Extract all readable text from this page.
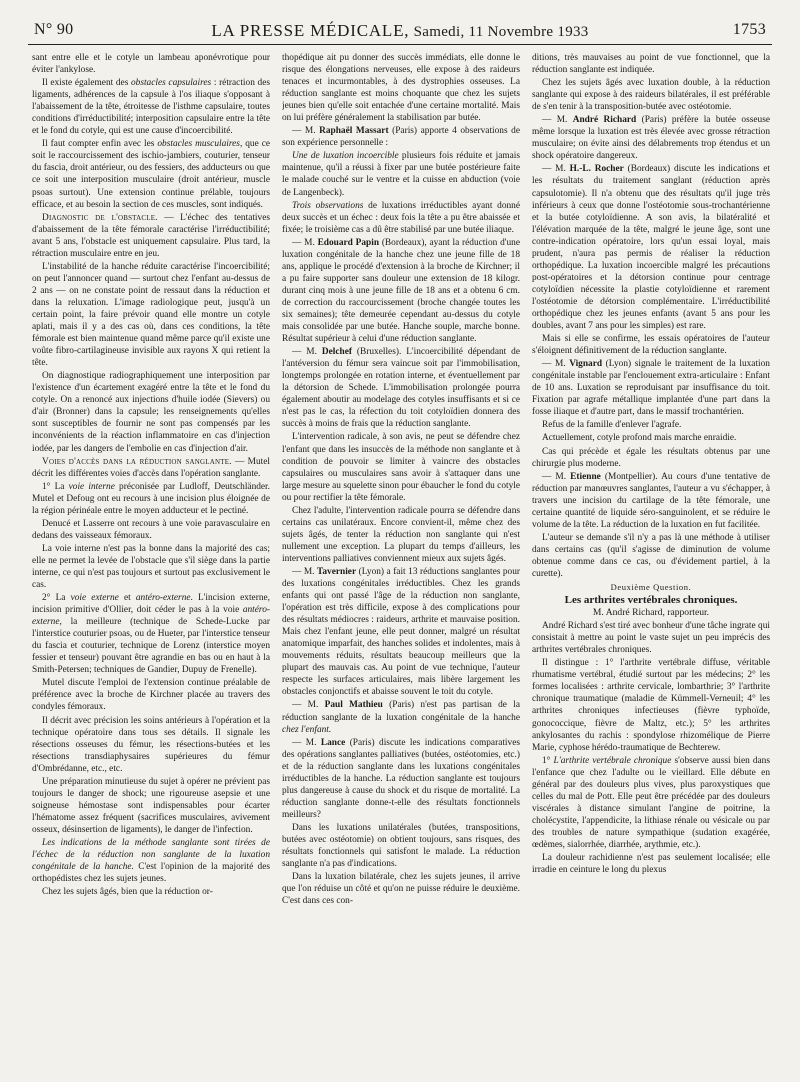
N° 90	LA PRESSE MÉDICALE, Samedi, 11 Novembre 1933	1753

sant entre elle et le cotyle un lambeau aponévrotique pour éviter l'ankylose.

Il existe également des obstacles capsulaires : rétraction des ligaments, adhérences de la capsule à l'os iliaque s'opposant à l'abaissement de la tête, étroitesse de l'isthme capsulaire, toutes conditions d'irréductibilité; interposition capsulaire entre la tête et le fond du cotyle, qui est une cause d'incoercibilité.

Il faut compter enfin avec les obstacles musculaires, que ce soit le raccourcissement des ischio-jambiers, couturier, tenseur du fascia, droit antérieur, ou des fessiers, des adducteurs ou que ce soit une interposition musculaire (droit antérieur, muscle psoas surtout). Une extension continue prélable, toujours efficace, et au besoin la section de ces muscles, sont indiqués.

Diagnostic de l'obstacle. — L'échec des tentatives d'abaissement de la tête fémorale caractérise l'irréductibilité; avant 5 ans, l'obstacle est uniquement capsulaire. Plus tard, la rétraction musculaire entre en jeu.

L'instabilité de la hanche réduite caractérise l'incoercibilité; on peut l'annoncer quand — surtout chez l'enfant au-dessus de 2 ans — on ne constate point de ressaut dans la réduction et dans la reluxation. L'image radiologique peut, jusqu'à un certain point, la faire prévoir quand elle montre un cotyle aplati, mais il y a des cas où, dans ces conditions, la tête fémorale est bien maintenue quand même parce qu'il existe une voûte fibro-cartilagineuse invisible aux rayons X qui retient la tête.

On diagnostique radiographiquement une interposition par l'existence d'un écartement exagéré entre la tête et le fond du cotyle. On a renoncé aux injections d'huile iodée (Sievers) ou d'air (Bronner) dans la capsule; les renseignements qu'elles sont susceptibles de fournir ne sont pas compensés par les inconvénients de la réaction inflammatoire en cas d'injection iodée, par les dangers de l'embolie en cas d'injection d'air.

Voies d'accès dans la réduction sanglante. — Mutel décrit les différentes voies d'accès dans l'opération sanglante.

1° La voie interne préconisée par Ludloff, Deutschländer. Mutel et Defoug ont eu recours à une incision plus éloignée de la région périnéale entre le moyen adducteur et le pectiné.

Denucé et Lasserre ont recours à une voie paravasculaire en dedans des vaisseaux fémoraux.

La voie interne n'est pas la bonne dans la majorité des cas; elle ne permet la levée de l'obstacle que s'il siège dans la partie interne, ce qui n'est pas toujours et surtout pas exclusivement le cas.

2° La voie externe et antéro-externe. L'incision externe, incision primitive d'Ollier, doit céder le pas à la voie antéro-externe, la meilleure (technique de Schede-Lucke par l'interstice couturier psoas, ou de Hueter, par l'interstice tenseur du fascia et couturier, technique de Lorenz (interstice moyen fessier et tenseur) pouvant être agrandie en bas ou en haut à la Smith-Petersen; techniques de Gandier, Dupuy de Frenelle).

Mutel discute l'emploi de l'extension continue préalable de préférence avec la broche de Kirchner placée au travers des condyles fémoraux.

Il décrit avec précision les soins antérieurs à l'opération et la technique opératoire dans tous ses détails. Il signale les résections osseuses du fémur, les résections-butées et les résections transdiaphysaires supérieures du fémur d'Ombrédanne, etc., etc.

Une préparation minutieuse du sujet à opérer ne prévient pas toujours le danger de shock; une rigoureuse asepsie et une soigneuse hémostase sont indispensables pour écarter l'hématome assez fréquent (sacrifices musculaires, avivement osseux, désinsertion de ligaments), le danger de l'infection.

Les indications de la méthode sanglante sont tirées de l'échec de la réduction non sanglante de la luxation congénitale de la hanche. C'est l'opinion de la majorité des orthopédistes chez les sujets jeunes.

Chez les sujets âgés, bien que la réduction or-

thopédique ait pu donner des succès immédiats, elle donne le risque des élongations nerveuses, elle expose à des raideurs tenaces et incurmontables, à des dystrophies osseuses. La réduction sanglante est moins choquante que chez les sujets jeunes bien qu'elle soit entachée d'une certaine mortalité. Mais on lui préfère généralement la stabilisation par butée.

— M. Raphaël Massart (Paris) apporte 4 observations de son expérience personnelle :

Une de luxation incoercible plusieurs fois réduite et jamais maintenue, qu'il a réussi à fixer par une butée postérieure faite le malade couché sur le ventre et la cuisse en abduction (voie de Langenbeck).

Trois observations de luxations irréductibles ayant donné deux succès et un échec : deux fois la tête a pu être abaissée et fixée; le troisième cas a dû être stabilisé par une butée iliaque.

— M. Edouard Papin (Bordeaux), ayant la réduction d'une luxation congénitale de la hanche chez une jeune fille de 18 ans, applique le procédé d'extension à la broche de Kirchner; il a pu faire supporter sans douleur une extension de 18 kilogr. durant cinq mois à une jeune fille de 18 ans et a obtenu 6 cm. de correction du raccourcissement (broche changée toutes les six semaines); tête demeurée cependant au-dessus du cotyle mais consolidée par une butée. Hanche souple, marche bonne. Résultat supérieur à celui d'une réduction sanglante.

— M. Delchef (Bruxelles). L'incoercibilité dépendant de l'antéversion du fémur sera vaincue soit par l'immobilisation, longtemps prolongée en rotation interne, et éventuellement par la détorsion de Schede. L'immobilisation prolongée pourra également aboutir au modelage des cotyles insuffisants et si ce n'est pas le cas, la réfection du toit cotyloïdien donnera des succès à moins de frais que la réduction sanglante.

L'intervention radicale, à son avis, ne peut se défendre chez l'enfant que dans les insuccès de la méthode non sanglante et à condition de pouvoir se limiter à vaincre des obstacles capsulaires ou musculaires sans avoir à s'attaquer dans une large mesure au squelette sinon pour ébaucher le fond du cotyle ou pour rectifier la tête fémorale.

Chez l'adulte, l'intervention radicale pourra se défendre dans certains cas unilatéraux. Encore convient-il, même chez des sujets âgés, de tenter la réduction non sanglante qui n'est nullement une exception. La plupart du temps d'ailleurs, les interventions palliatives conviennent mieux aux sujets âgés.

— M. Tavernier (Lyon) a fait 13 réductions sanglantes pour des luxations congénitales irréductibles. Chez les grands enfants qui ont passé l'âge de la réduction non sanglante, l'opération est très difficile, expose à des complications pour des résultats médiocres : raideurs, arthrite et mauvaise position. Mais chez l'enfant jeune, elle peut donner, malgré un résultat anatomique imparfait, des hanches solides et indolentes, mais à mouvements réduits, résultats beaucoup meilleurs que la plupart des mauvais cas. Au point de vue technique, l'auteur respecte les surfaces articulaires, mais libère largement les obstacles conjonctifs et abaisse souvent le toit du cotyle.

— M. Paul Mathieu (Paris) n'est pas partisan de la réduction sanglante de la luxation congénitale de la hanche chez l'enfant.

— M. Lance (Paris) discute les indications comparatives des opérations sanglantes palliatives (butées, ostéotomies, etc.) et de la réduction sanglante dans les luxations congénitales irréductibles de la hanche. La réduction sanglante est toujours plus dangereuse à cause du shock et du risque de mortalité. La réduction sanglante donne-t-elle des résultats fonctionnels meilleurs?

Dans les luxations unilatérales (butées, transpositions, butées avec ostéotomie) on obtient toujours, sans risques, des résultats fonctionnels qui satisfont le malade. La réduction sanglante n'a pas d'indications.

Dans la luxation bilatérale, chez les sujets jeunes, il arrive que l'on réduise un côté et qu'on ne puisse réduire le deuxième. C'est dans ces con-

ditions, très mauvaises au point de vue fonctionnel, que la réduction sanglante est indiquée.

Chez les sujets âgés avec luxation double, à la réduction sanglante qui expose à des raideurs bilatérales, il est préférable de s'en tenir à la transposition-butée avec ostéotomie.

— M. André Richard (Paris) préfère la butée osseuse même lorsque la luxation est très élevée avec grosse rétraction musculaire; on évite ainsi des délabrements trop étendus et un shock opératoire dangereux.

— M. H.-L. Rocher (Bordeaux) discute les indications et les résultats du traitement sanglant (réduction après capsulotomie). Il n'a obtenu que des résultats qu'il juge très inférieurs à ceux que donne l'ostéotomie sous-trochantérienne et la butée cotyloïdienne. A son avis, la bilatéralité et l'élévation marquée de la tête, malgré le jeune âge, sont une contre-indication opératoire, lors qu'un essai loyal, mais prudent, n'aura pas permis de réaliser la réduction orthopédique. La luxation incoercible malgré les précautions post-opératoires et la détorsion continue pour centrage cotyloïdien nécessite la plastie cotyloïdienne et rarement l'ostéotomie de détorsion complémentaire. L'irréductibilité orthopédique chez les jeunes enfants (avant 5 ans pour les doubles, avant 7 ans pour les simples) est rare.

Mais si elle se confirme, les essais opératoires de l'auteur s'éloignent définitivement de la réduction sanglante.

— M. Vignard (Lyon) signale le traitement de la luxation congénitale instable par l'enclouement extra-articulaire : Enfant de 10 ans. Luxation se reproduisant par insuffisance du toit. Fixation par agrafe métallique implantée d'une part dans la fosse iliaque et d'autre part, dans le massif trochantérien.

Refus de la famille d'enlever l'agrafe.

Actuellement, cotyle profond mais marche enraidie.

Cas qui précède et égale les résultats obtenus par une chirurgie plus moderne.

— M. Etienne (Montpellier). Au cours d'une tentative de réduction par manœuvres sanglantes, l'auteur a vu s'échapper, à travers une incision du cartilage de la tête fémorale, une certaine quantité de liquide séro-sanguinolent, et se réduire le volume de la tête. La réduction de la luxation en fut facilitée.

L'auteur se demande s'il n'y a pas là une méthode à utiliser dans certains cas (qu'il s'agisse de diminution de volume obtenue comme dans ce cas, ou d'évidement partiel, à la curette).

Deuxième Question.

Les arthrites vertébrales chroniques.

M. André Richard, rapporteur.

André Richard s'est tiré avec bonheur d'une tâche ingrate qui consistait à mettre au point le vaste sujet un peu imprécis des arthrites vertébrales chroniques.

Il distingue : 1° l'arthrite vertébrale diffuse, véritable rhumatisme vertébral, étudié surtout par les médecins; 2° les formes localisées : arthrite cervicale, lombarthrie; 3° l'arthrite chronique traumatique (maladie de Kümmell-Verneuil; 4° les arthrites chroniques infectieuses (fièvre typhoïde, gonococcique, fièvre de Maltz, etc.); 5° les arthrites ankylosantes du rachis : spondylose rhizomélique de Pierre Marie, cyphose hérédo-traumatique de Bechterew.

1° L'arthrite vertébrale chronique s'observe aussi bien dans l'enfance que chez l'adulte ou le vieillard. Elle débute en général par des douleurs plus vives, plus paroxystiques que celles du mal de Pott. Elle peut être précédée par des douleurs viscérales à distance simulant l'angine de poitrine, la cholécystite, l'appendicite, la lithiase rénale ou vésicale ou par des troubles de nature sympathique (sudation exagérée, œdèmes, sialorrhée, diarrhée, arythmie, etc.).

La douleur rachidienne n'est pas seulement localisée; elle irradie en ceinture le long du plexus
